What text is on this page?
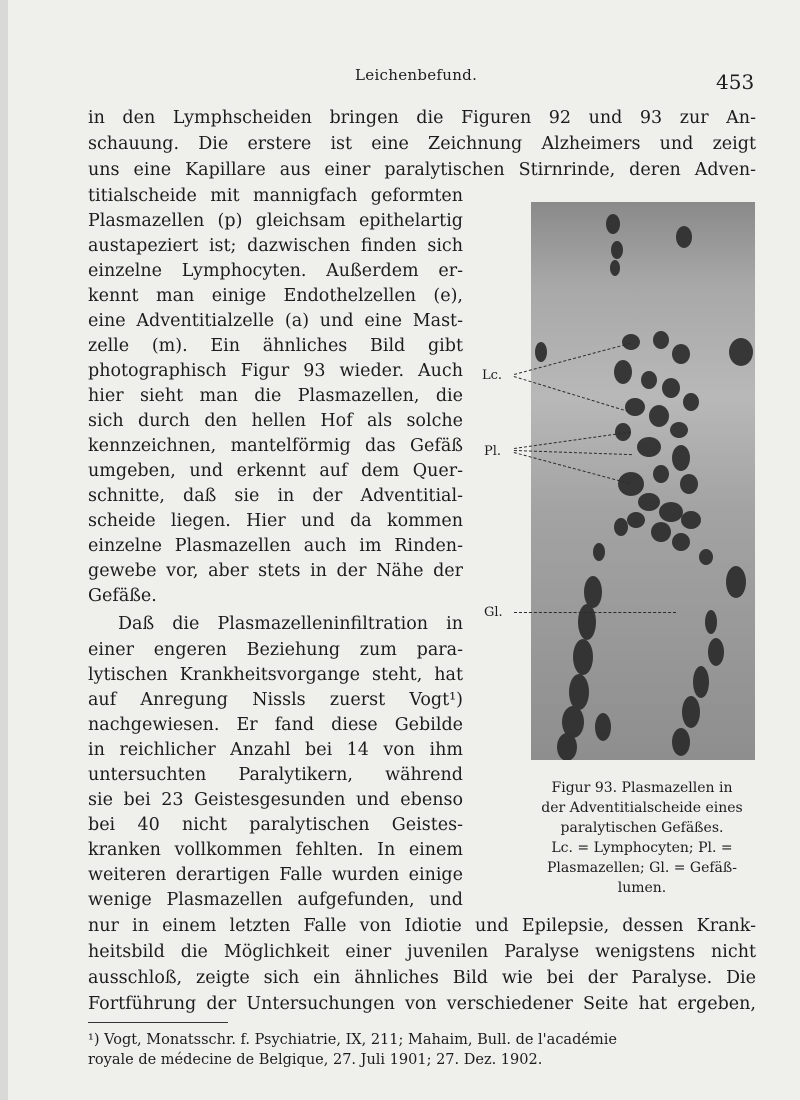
Leichenbefund.	453
in den Lymphscheiden bringen die Figuren 92 und 93 zur An-
schauung. Die erstere ist eine Zeichnung Alzheimers und zeigt
uns eine Kapillare aus einer paralytischen Stirnrinde, deren Adven-
titialscheide mit mannigfach geformten
Plasmazellen (p) gleichsam epithelartig
austapeziert ist; dazwischen finden sich
einzelne Lymphocyten. Außerdem er-
kennt man einige Endothelzellen (e),
eine Adventitialzelle (a) und eine Mast-
zelle (m). Ein ähnliches Bild gibt
photographisch Figur 93 wieder. Auch
hier sieht man die Plasmazellen, die
sich durch den hellen Hof als solche
kennzeichnen, mantelförmig das Gefäß
umgeben, und erkennt auf dem Quer-
schnitte, daß sie in der Adventitial-
scheide liegen. Hier und da kommen
einzelne Plasmazellen auch im Rinden-
gewebe vor, aber stets in der Nähe der
Gefäße.
Daß die Plasmazelleninfiltration in
einer engeren Beziehung zum para-
lytischen Krankheitsvorgange steht, hat
auf Anregung Nissls zuerst Vogt¹)
nachgewiesen. Er fand diese Gebilde
in reichlicher Anzahl bei 14 von ihm
untersuchten Paralytikern, während
sie bei 23 Geistesgesunden und ebenso
bei 40 nicht paralytischen Geistes-
kranken vollkommen fehlten. In einem
weiteren derartigen Falle wurden einige
wenige Plasmazellen aufgefunden, und
nur in einem letzten Falle von Idiotie und Epilepsie, dessen Krank-
heitsbild die Möglichkeit einer juvenilen Paralyse wenigstens nicht
ausschloß, zeigte sich ein ähnliches Bild wie bei der Paralyse. Die
Fortführung der Untersuchungen von verschiedener Seite hat ergeben,
Lc.
Pl.
Gl.
Figur 93. Plasmazellen in
der Adventitialscheide eines
paralytischen Gefäßes.
Lc. = Lymphocyten; Pl. =
Plasmazellen; Gl. = Gefäß-
lumen.
¹) Vogt, Monatsschr. f. Psychiatrie, IX, 211; Mahaim, Bull. de l'académie
royale de médecine de Belgique, 27. Juli 1901; 27. Dez. 1902.
